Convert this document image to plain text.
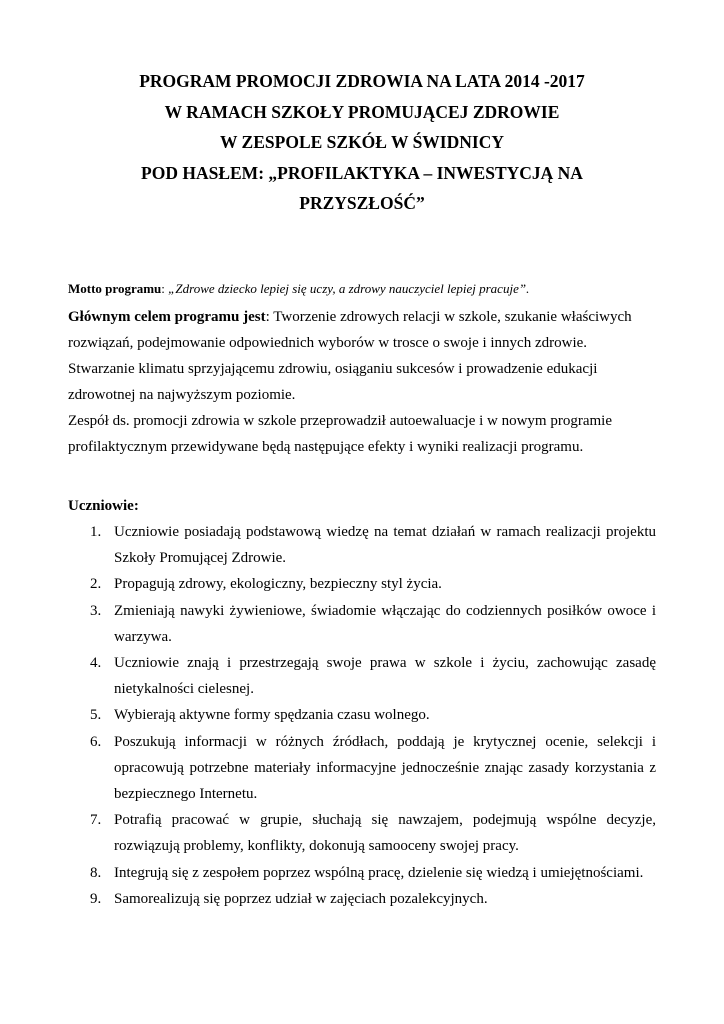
PROGRAM PROMOCJI ZDROWIA NA LATA 2014 -2017
W RAMACH SZKOŁY PROMUJĄCEJ ZDROWIE
W ZESPOLE SZKÓŁ W ŚWIDNICY
POD HASŁEM: „PROFILAKTYKA – INWESTYCJĄ NA
PRZYSZŁOŚĆ”
Motto programu: „Zdrowe dziecko lepiej się uczy, a zdrowy nauczyciel lepiej pracuje”.

Głównym celem programu jest: Tworzenie zdrowych relacji w szkole, szukanie właściwych rozwiązań, podejmowanie odpowiednich wyborów w trosce o swoje i innych zdrowie. Stwarzanie klimatu sprzyjającemu zdrowiu, osiąganiu sukcesów i prowadzenie edukacji zdrowotnej na najwyższym poziomie.

Zespół ds. promocji zdrowia w szkole przeprowadził autoewaluacje i w nowym programie profilaktycznym przewidywane będą następujące efekty i wyniki realizacji programu.

Uczniowie:
1. Uczniowie posiadają podstawową wiedzę na temat działań w ramach realizacji projektu Szkoły Promującej Zdrowie.
2. Propagują zdrowy, ekologiczny, bezpieczny styl życia.
3. Zmieniają nawyki żywieniowe, świadomie włączając do codziennych posiłków owoce i warzywa.
4. Uczniowie znają i przestrzegają swoje prawa w szkole i życiu, zachowując zasadę nietykalności cielesnej.
5. Wybierają aktywne formy spędzania czasu wolnego.
6. Poszukują informacji w różnych źródłach, poddają je krytycznej ocenie, selekcji i opracowują potrzebne materiały informacyjne jednocześnie znając zasady korzystania z bezpiecznego Internetu.
7. Potrafią pracować w grupie, słuchają się nawzajem, podejmują wspólne decyzje, rozwiązują problemy, konflikty, dokonują samooceny swojej pracy.
8. Integrują się z zespołem poprzez wspólną pracę, dzielenie się wiedzą i umiejętnościami.
9. Samorealizują się poprzez udział w zajęciach pozalekcyjnych.
